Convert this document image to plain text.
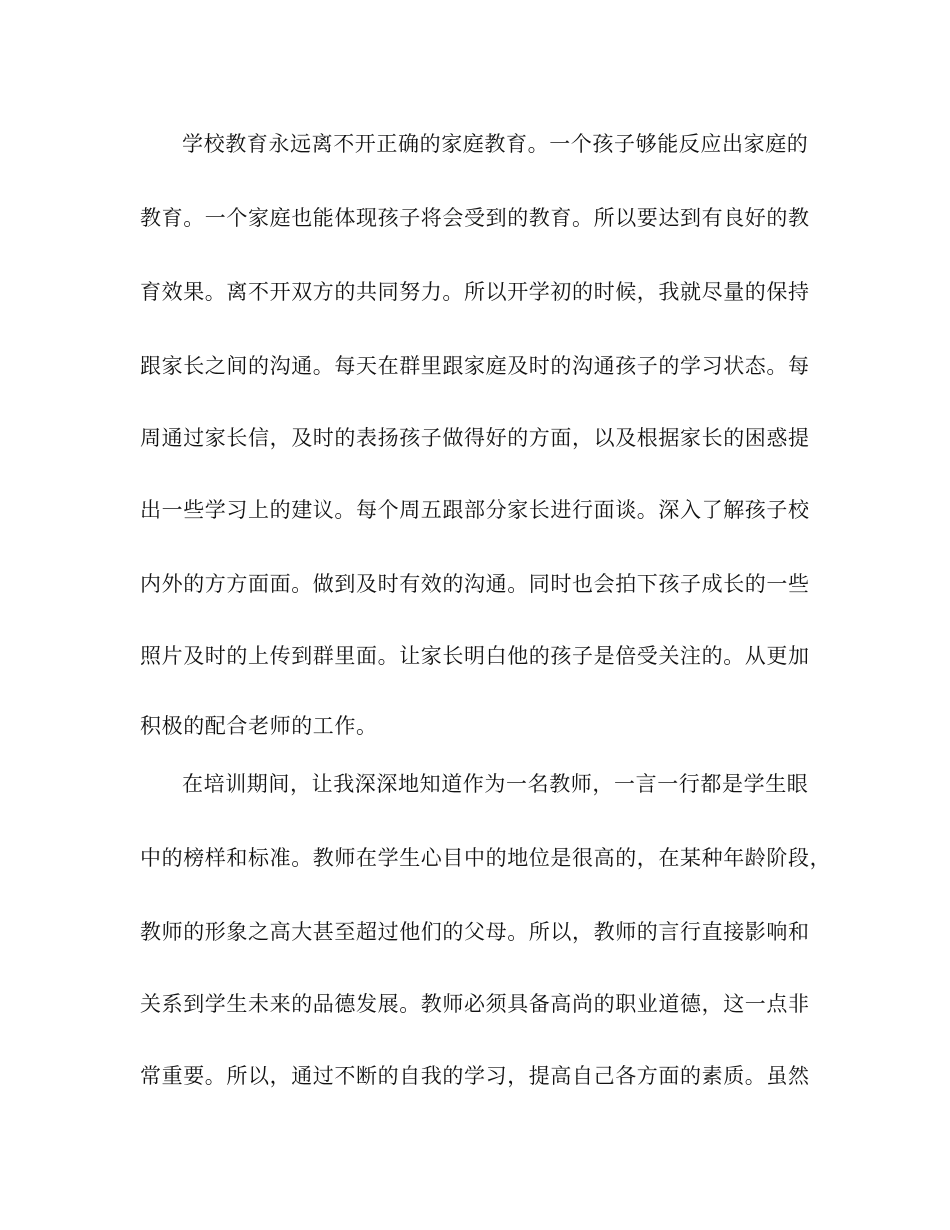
学校教育永远离不开正确的家庭教育。一个孩子够能反应出家庭的
教育。一个家庭也能体现孩子将会受到的教育。所以要达到有良好的教
育效果。离不开双方的共同努力。所以开学初的时候，我就尽量的保持
跟家长之间的沟通。每天在群里跟家庭及时的沟通孩子的学习状态。每
周通过家长信，及时的表扬孩子做得好的方面，以及根据家长的困惑提
出一些学习上的建议。每个周五跟部分家长进行面谈。深入了解孩子校
内外的方方面面。做到及时有效的沟通。同时也会拍下孩子成长的一些
照片及时的上传到群里面。让家长明白他的孩子是倍受关注的。从更加
积极的配合老师的工作。
在培训期间，让我深深地知道作为一名教师，一言一行都是学生眼
中的榜样和标准。教师在学生心目中的地位是很高的，在某种年龄阶段，
教师的形象之高大甚至超过他们的父母。所以，教师的言行直接影响和
关系到学生未来的品德发展。教师必须具备高尚的职业道德，这一点非
常重要。所以，通过不断的自我的学习，提高自己各方面的素质。虽然
